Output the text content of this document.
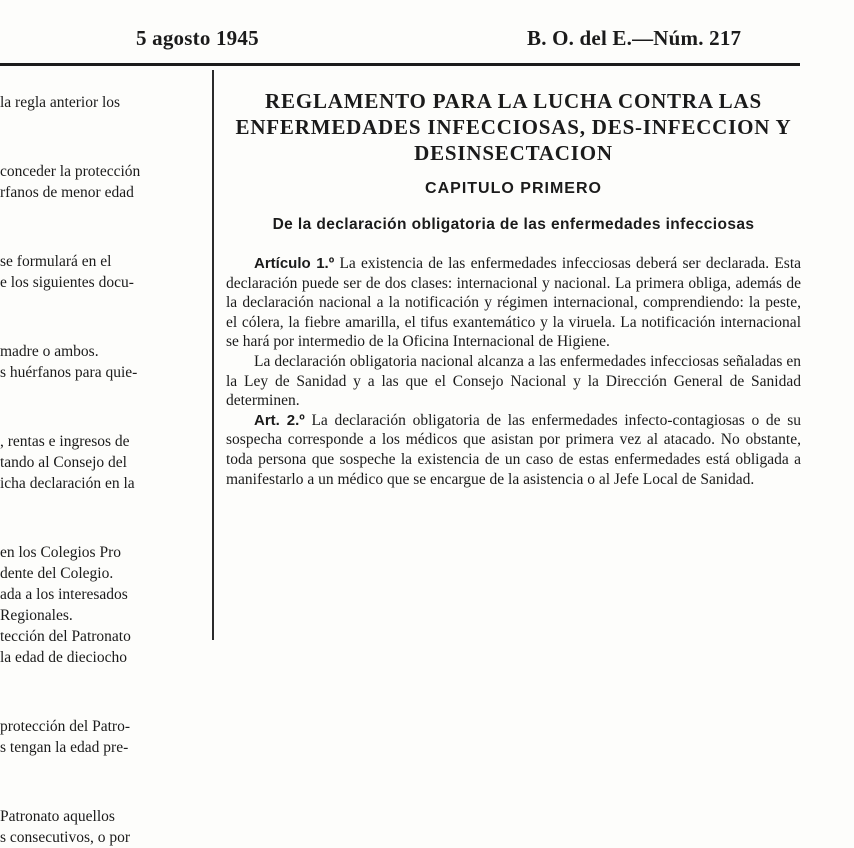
5 agosto 1945	B. O. del E.—Núm. 217

la regla anterior los

conceder la protección

rfanos de menor edad

se formulará en el

e los siguientes docu-

madre o ambos.

s huérfanos para quie-

, rentas e ingresos de

tando al Consejo del

icha declaración en la

en los Colegios Pro

dente del Colegio.

ada a los interesados

Regionales.

tección del Patronato

la edad de dieciocho

protección del Patro-

s tengan la edad pre-

Patronato aquellos

s consecutivos, o por

REGLAMENTO PARA LA LUCHA CONTRA LAS ENFERMEDADES INFECCIOSAS, DES-INFECCION Y DESINSECTACION
CAPITULO PRIMERO
De la declaración obligatoria de las enfermedades infecciosas

Artículo 1.º La existencia de las enfermedades infecciosas deberá ser declarada. Esta declaración puede ser de dos clases: internacional y nacional. La primera obliga, además de la declaración nacional a la notificación y régimen internacional, comprendiendo: la peste, el cólera, la fiebre amarilla, el tifus exantemático y la viruela. La notificación internacional se hará por intermedio de la Oficina Internacional de Higiene.

La declaración obligatoria nacional alcanza a las enfermedades infecciosas señaladas en la Ley de Sanidad y a las que el Consejo Nacional y la Dirección General de Sanidad determinen.

Art. 2.º La declaración obligatoria de las enfermedades infecto-contagiosas o de su sospecha corresponde a los médicos que asistan por primera vez al atacado. No obstante, toda persona que sospeche la existencia de un caso de estas enfermedades está obligada a manifestarlo a un médico que se encargue de la asistencia o al Jefe Local de Sanidad.
